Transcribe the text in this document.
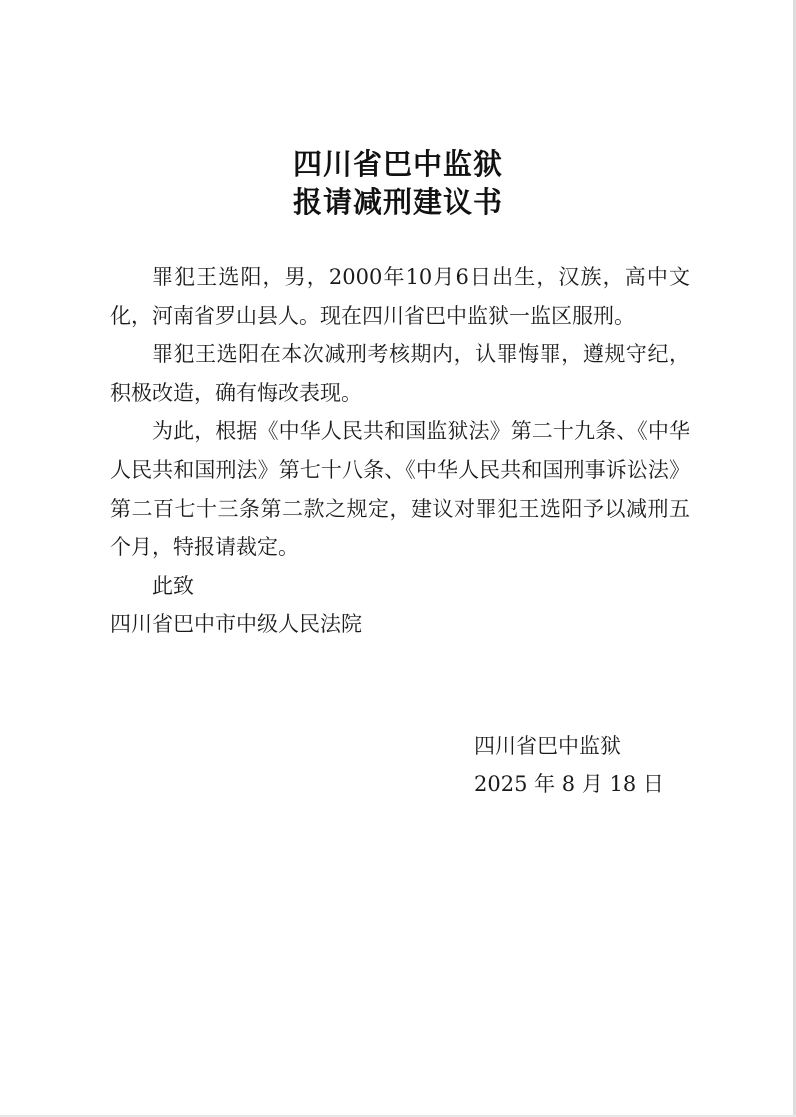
四川省巴中监狱
报请减刑建议书

罪犯王选阳，男，2000年10月6日出生，汉族，高中文化，河南省罗山县人。现在四川省巴中监狱一监区服刑。

罪犯王选阳在本次减刑考核期内，认罪悔罪，遵规守纪，积极改造，确有悔改表现。

为此，根据《中华人民共和国监狱法》第二十九条、《中华人民共和国刑法》第七十八条、《中华人民共和国刑事诉讼法》第二百七十三条第二款之规定，建议对罪犯王选阳予以减刑五个月，特报请裁定。

此致

四川省巴中市中级人民法院

四川省巴中监狱
2025 年 8 月 18 日
